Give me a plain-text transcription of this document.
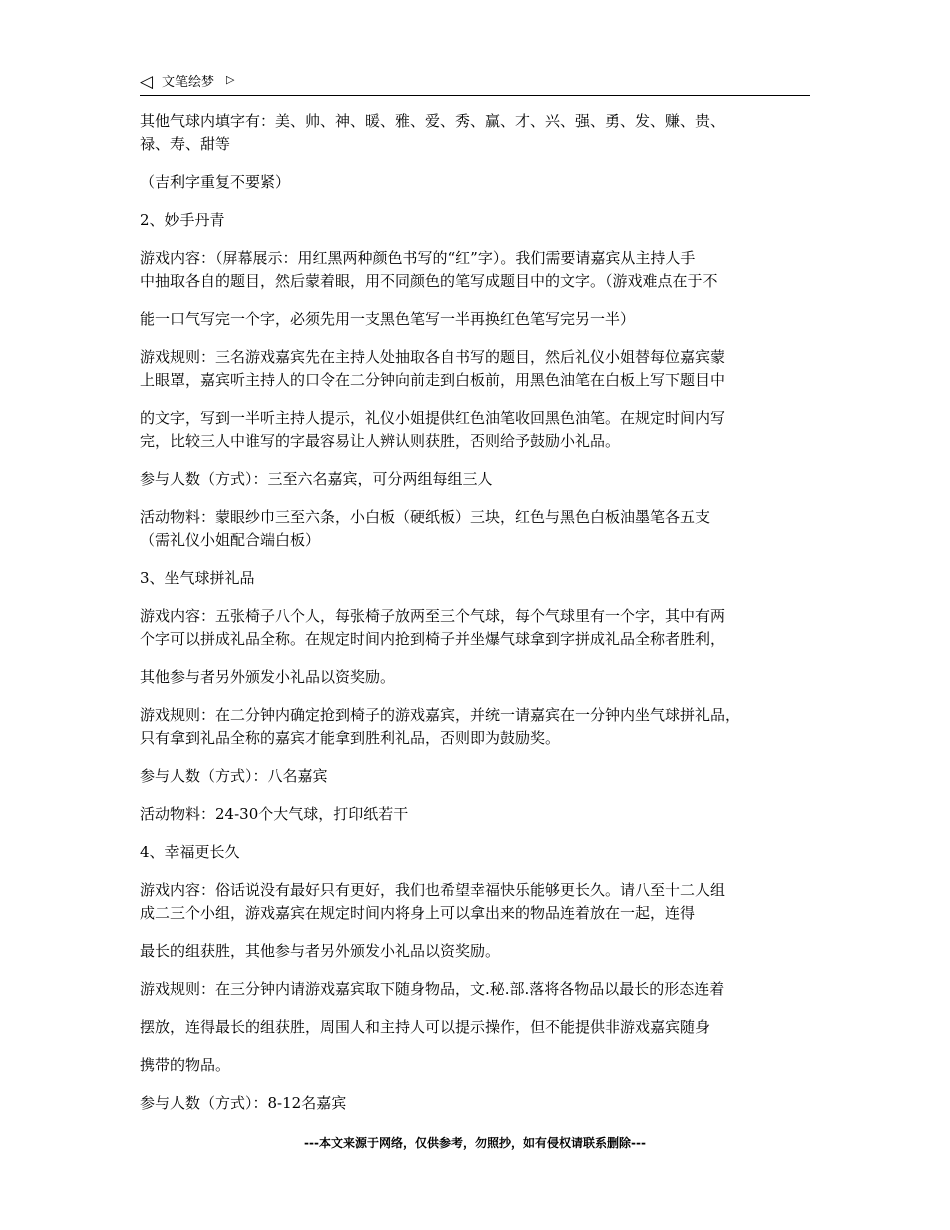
◁ 文笔绘梦 ▷
其他气球内填字有：美、帅、神、暖、雅、爱、秀、赢、才、兴、强、勇、发、赚、贵、
禄、寿、甜等
（吉利字重复不要紧）
2、妙手丹青
游戏内容：（屏幕展示：用红黑两种颜色书写的“红”字）。我们需要请嘉宾从主持人手
中抽取各自的题目，然后蒙着眼，用不同颜色的笔写成题目中的文字。（游戏难点在于不
能一口气写完一个字，必须先用一支黑色笔写一半再换红色笔写完另一半）
游戏规则：三名游戏嘉宾先在主持人处抽取各自书写的题目，然后礼仪小姐替每位嘉宾蒙
上眼罩，嘉宾听主持人的口令在二分钟向前走到白板前，用黑色油笔在白板上写下题目中
的文字，写到一半听主持人提示，礼仪小姐提供红色油笔收回黑色油笔。在规定时间内写
完，比较三人中谁写的字最容易让人辨认则获胜，否则给予鼓励小礼品。
参与人数（方式）：三至六名嘉宾，可分两组每组三人
活动物料：蒙眼纱巾三至六条，小白板（硬纸板）三块，红色与黑色白板油墨笔各五支
（需礼仪小姐配合端白板）
3、坐气球拼礼品
游戏内容：五张椅子八个人，每张椅子放两至三个气球，每个气球里有一个字，其中有两
个字可以拼成礼品全称。在规定时间内抢到椅子并坐爆气球拿到字拼成礼品全称者胜利，
其他参与者另外颁发小礼品以资奖励。
游戏规则：在二分钟内确定抢到椅子的游戏嘉宾，并统一请嘉宾在一分钟内坐气球拼礼品，
只有拿到礼品全称的嘉宾才能拿到胜利礼品，否则即为鼓励奖。
参与人数（方式）：八名嘉宾
活动物料：24-30个大气球，打印纸若干
4、幸福更长久
游戏内容：俗话说没有最好只有更好，我们也希望幸福快乐能够更长久。请八至十二人组
成二三个小组，游戏嘉宾在规定时间内将身上可以拿出来的物品连着放在一起，连得
最长的组获胜，其他参与者另外颁发小礼品以资奖励。
游戏规则：在三分钟内请游戏嘉宾取下随身物品，文.秘.部.落将各物品以最长的形态连着
摆放，连得最长的组获胜，周围人和主持人可以提示操作，但不能提供非游戏嘉宾随身
携带的物品。
参与人数（方式）：8-12名嘉宾
---本文来源于网络，仅供参考，勿照抄，如有侵权请联系删除---
